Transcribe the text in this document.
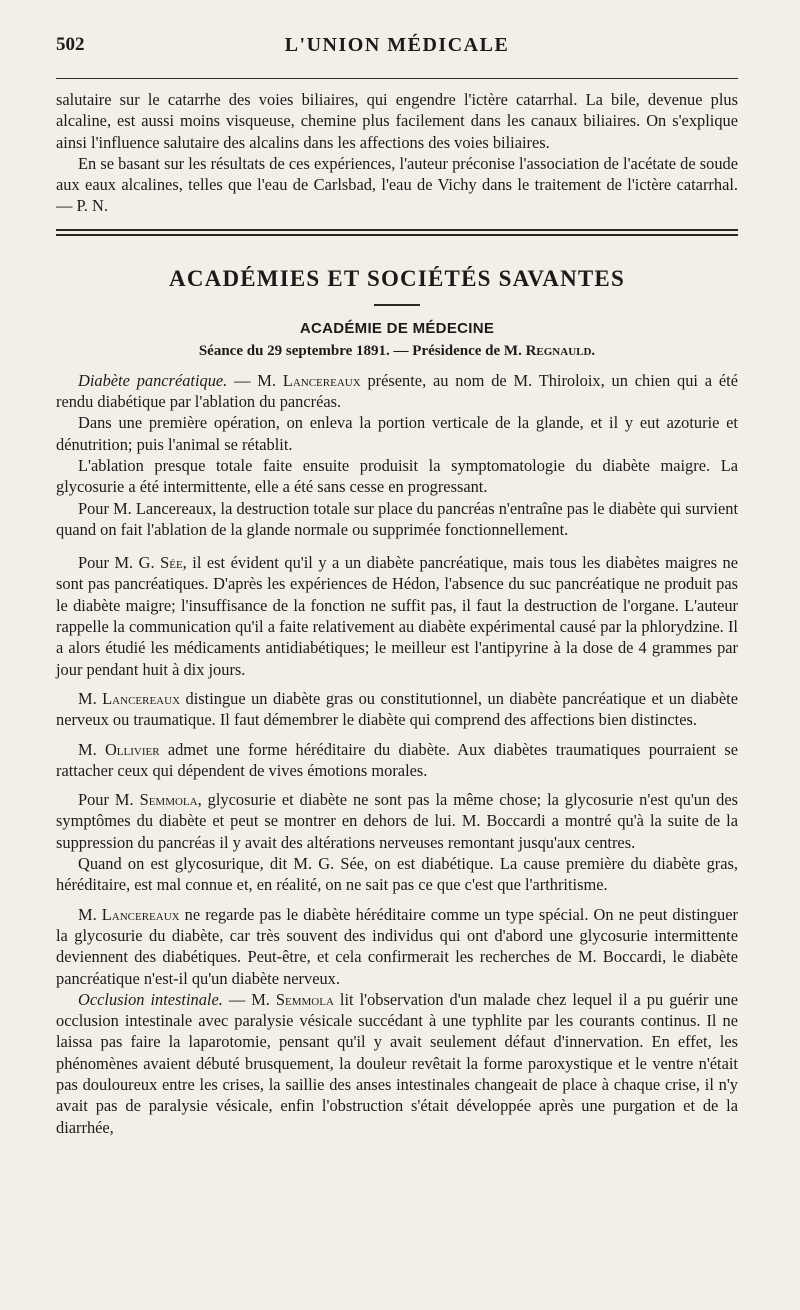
502	L'UNION MÉDICALE

salutaire sur le catarrhe des voies biliaires, qui engendre l'ictère catarrhal. La bile, devenue plus alcaline, est aussi moins visqueuse, chemine plus facilement dans les canaux biliaires. On s'explique ainsi l'influence salutaire des alcalins dans les affections des voies biliaires.

En se basant sur les résultats de ces expériences, l'auteur préconise l'association de l'acétate de soude aux eaux alcalines, telles que l'eau de Carlsbad, l'eau de Vichy dans le traitement de l'ictère catarrhal. — P. N.

ACADÉMIES ET SOCIÉTÉS SAVANTES
ACADÉMIE DE MÉDECINE
Séance du 29 septembre 1891. — Présidence de M. Regnauld.

Diabète pancréatique. — M. Lancereaux présente, au nom de M. Thiroloix, un chien qui a été rendu diabétique par l'ablation du pancréas.

Dans une première opération, on enleva la portion verticale de la glande, et il y eut azoturie et dénutrition; puis l'animal se rétablit.

L'ablation presque totale faite ensuite produisit la symptomatologie du diabète maigre. La glycosurie a été intermittente, elle a été sans cesse en progressant.

Pour M. Lancereaux, la destruction totale sur place du pancréas n'entraîne pas le diabète qui survient quand on fait l'ablation de la glande normale ou supprimée fonctionnellement.

Pour M. G. Sée, il est évident qu'il y a un diabète pancréatique, mais tous les diabètes maigres ne sont pas pancréatiques. D'après les expériences de Hédon, l'absence du suc pancréatique ne produit pas le diabète maigre; l'insuffisance de la fonction ne suffit pas, il faut la destruction de l'organe. L'auteur rappelle la communication qu'il a faite relativement au diabète expérimental causé par la phlorydzine. Il a alors étudié les médicaments antidiabétiques; le meilleur est l'antipyrine à la dose de 4 grammes par jour pendant huit à dix jours.

M. Lancereaux distingue un diabète gras ou constitutionnel, un diabète pancréatique et un diabète nerveux ou traumatique. Il faut démembrer le diabète qui comprend des affections bien distinctes.

M. Ollivier admet une forme héréditaire du diabète. Aux diabètes traumatiques pourraient se rattacher ceux qui dépendent de vives émotions morales.

Pour M. Semmola, glycosurie et diabète ne sont pas la même chose; la glycosurie n'est qu'un des symptômes du diabète et peut se montrer en dehors de lui. M. Boccardi a montré qu'à la suite de la suppression du pancréas il y avait des altérations nerveuses remontant jusqu'aux centres.

Quand on est glycosurique, dit M. G. Sée, on est diabétique. La cause première du diabète gras, héréditaire, est mal connue et, en réalité, on ne sait pas ce que c'est que l'arthritisme.

M. Lancereaux ne regarde pas le diabète héréditaire comme un type spécial. On ne peut distinguer la glycosurie du diabète, car très souvent des individus qui ont d'abord une glycosurie intermittente deviennent des diabétiques. Peut-être, et cela confirmerait les recherches de M. Boccardi, le diabète pancréatique n'est-il qu'un diabète nerveux.

Occlusion intestinale. — M. Semmola lit l'observation d'un malade chez lequel il a pu guérir une occlusion intestinale avec paralysie vésicale succédant à une typhlite par les courants continus. Il ne laissa pas faire la laparotomie, pensant qu'il y avait seulement défaut d'innervation. En effet, les phénomènes avaient débuté brusquement, la douleur revêtait la forme paroxystique et le ventre n'était pas douloureux entre les crises, la saillie des anses intestinales changeait de place à chaque crise, il n'y avait pas de paralysie vésicale, enfin l'obstruction s'était développée après une purgation et de la diarrhée,
